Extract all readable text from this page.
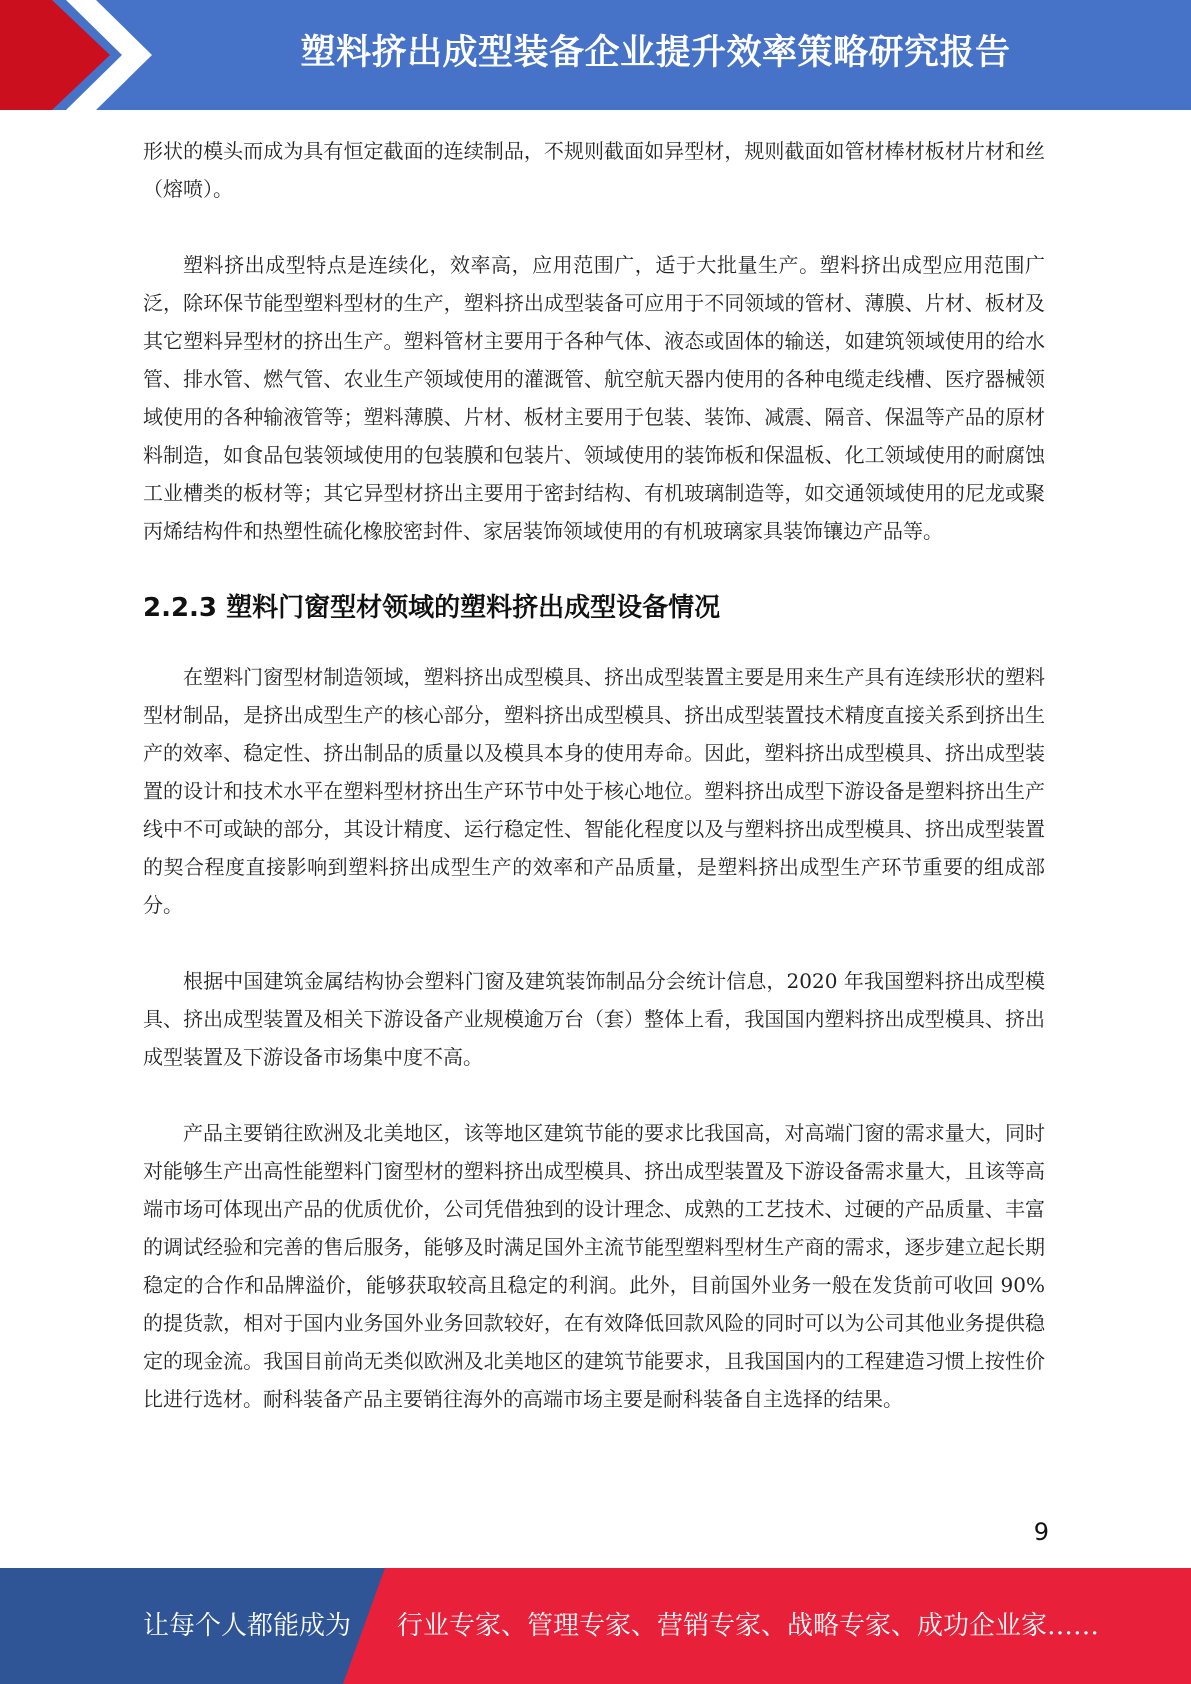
塑料挤出成型装备企业提升效率策略研究报告

形状的模头而成为具有恒定截面的连续制品，不规则截面如异型材，规则截面如管材棒材板材片材和丝（熔喷）。

塑料挤出成型特点是连续化，效率高，应用范围广，适于大批量生产。塑料挤出成型应用范围广泛，除环保节能型塑料型材的生产，塑料挤出成型装备可应用于不同领域的管材、薄膜、片材、板材及其它塑料异型材的挤出生产。塑料管材主要用于各种气体、液态或固体的输送，如建筑领域使用的给水管、排水管、燃气管、农业生产领域使用的灌溉管、航空航天器内使用的各种电缆走线槽、医疗器械领域使用的各种输液管等；塑料薄膜、片材、板材主要用于包装、装饰、减震、隔音、保温等产品的原材料制造，如食品包装领域使用的包装膜和包装片、领域使用的装饰板和保温板、化工领域使用的耐腐蚀工业槽类的板材等；其它异型材挤出主要用于密封结构、有机玻璃制造等，如交通领域使用的尼龙或聚丙烯结构件和热塑性硫化橡胶密封件、家居装饰领域使用的有机玻璃家具装饰镶边产品等。

2.2.3 塑料门窗型材领域的塑料挤出成型设备情况

在塑料门窗型材制造领域，塑料挤出成型模具、挤出成型装置主要是用来生产具有连续形状的塑料型材制品，是挤出成型生产的核心部分，塑料挤出成型模具、挤出成型装置技术精度直接关系到挤出生产的效率、稳定性、挤出制品的质量以及模具本身的使用寿命。因此，塑料挤出成型模具、挤出成型装置的设计和技术水平在塑料型材挤出生产环节中处于核心地位。塑料挤出成型下游设备是塑料挤出生产线中不可或缺的部分，其设计精度、运行稳定性、智能化程度以及与塑料挤出成型模具、挤出成型装置的契合程度直接影响到塑料挤出成型生产的效率和产品质量，是塑料挤出成型生产环节重要的组成部分。

根据中国建筑金属结构协会塑料门窗及建筑装饰制品分会统计信息，2020 年我国塑料挤出成型模具、挤出成型装置及相关下游设备产业规模逾万台（套）整体上看，我国国内塑料挤出成型模具、挤出成型装置及下游设备市场集中度不高。

产品主要销往欧洲及北美地区，该等地区建筑节能的要求比我国高，对高端门窗的需求量大，同时对能够生产出高性能塑料门窗型材的塑料挤出成型模具、挤出成型装置及下游设备需求量大，且该等高端市场可体现出产品的优质优价，公司凭借独到的设计理念、成熟的工艺技术、过硬的产品质量、丰富的调试经验和完善的售后服务，能够及时满足国外主流节能型塑料型材生产商的需求，逐步建立起长期稳定的合作和品牌溢价，能够获取较高且稳定的利润。此外，目前国外业务一般在发货前可收回 90%的提货款，相对于国内业务国外业务回款较好，在有效降低回款风险的同时可以为公司其他业务提供稳定的现金流。我国目前尚无类似欧洲及北美地区的建筑节能要求，且我国国内的工程建造习惯上按性价比进行选材。耐科装备产品主要销往海外的高端市场主要是耐科装备自主选择的结果。

9
让每个人都能成为 行业专家、管理专家、营销专家、战略专家、成功企业家……
